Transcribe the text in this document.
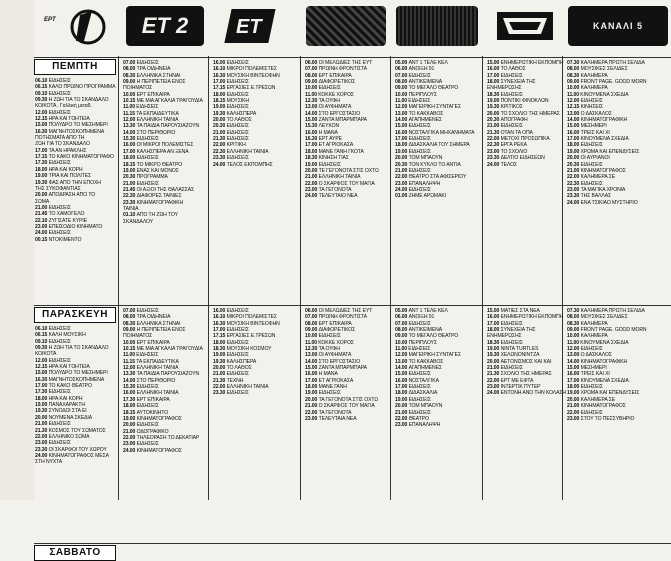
ΕΡΤ	ΕΤ 2 ET	ΚΑΝΑΛΙ 5
ΠΕΜΠΤΗ
06.10 ΕΙΔΗΣΕΙΣ
06.15 ΚΑΛΟ ΠΡΩΙΝΟ ΠΡΟΓΡΑΜΜΑ
09.10 ΕΙΔΗΣΕΙΣ
09.30 Η ΖΩΗ ΤΙΑ ΤΟ ΣΚΑΝΔΑΛΟ
ΚΟΙΚΟΤΑ . Γαλλική μεταδ.
12.00 ΕΙΔΗΣΕΙΣ
12.15 ΗΡΑ ΚΑΙ ΓΟΗΤΕΙΑ
15.00 ΠΟΛΥΔΡΟ ΤΟ ΜΕΣΗΜΕΡΙ
16.30 ΜΑΓΝΗΤΟΣΚΟΠΗΜΕΝΑ
ΠΟΤΗΣΜΑΤΑ ΑΠΟ ΤΗ
ΖΩΗ ΓΙΑ ΤΟ ΣΚΑΝΔΑΛΟ
17.00 ΤΑ ΑΝ ΗΡΑΚΛΗΣ
17.15 ΤΟ ΚΑΚΟ ΚΙΝΗΜΑΤΟΓΡΑΦΟ
17.30 ΕΙΔΗΣΕΙΣ
18.00 ΗΡΑ ΚΑΙ ΚΟΡΗ
19.00 ΤΡΙΑ ΚΑΙ ΠΟΛΙΤΕΣ
19.30 ΦΑΣ ΑΠΟ ΤΗΝ ΕΠΟΧΗ
ΤΗΣ ΣΥΚΟΦΑΝΤΙΑΣ
20.00 ΑΠΟΔΡΑΣΗ ΑΠΟ ΤΟ
ΣΩΜΑ
21.00 ΕΙΔΗΣΕΙΣ
21.45 ΤΟ ΧΑΜΟΓΕΛΟ
22.10 ΖΥΓΙΣΑΤΕ ΚΥΡΙΕ
23.00 ΕΠΕΙΣΟΔΙΟ ΚΙΝΗΜΑΤΟ
24.00 ΕΙΔΗΣΕΙΣ
00.15 ΝΤΟΚΙΜΕΝΤΟ
07.00 ΕΙΔΗΣΕΙΣ
08.00 ΤΡΑ ΟΙΔΗΝΕΙΑ
08.30 ΕΛΛΗΝΙΚΑ ΣΤΗΝΑΙ
09.00 Η ΠΕΡΙΠΕΤΕΙΑ ΕΝΟΣ
ΠΟΙΗΜΑΤΟΣ
10.00 ΕΡΤ ΕΠΙΚΑΙΡΑ
10.15 ΜΕ ΜΙΑ ΑΓΚΑΛΙΑ ΤΡΑΓΟΥΔΙΑ
11.00 ΕΙΔΗΣΕΙΣ
11.15 ΤΑ ΕΚΠΑΙΔΕΥΤΙΚΑ
12.00 ΕΛΛΗΝΙΚΗ ΤΑΙΝΙΑ
13.30 ΤΑ ΠΑΙΔΙΑ ΠΑΡΟΥΣΙΑΖΟΥΝ
14.00 ΣΤΟ ΠΕΡΙΘΩΡΙΟ
15.30 ΕΙΔΗΣΕΙΣ
16.00 ΟΙ ΜΙΚΡΟΙ ΠΟΛΕΜΙΣΤΕΣ
17.00 ΚΑΛΗΣΠΕΡΑ ΑΝ ΞΕΝΑ
18.00 ΕΙΔΗΣΕΙΣ
18.15 ΤΟ ΜΙΚΡΟ ΘΕΑΤΡΟ
19.00 ΕΝΑΣ ΚΑΙ ΜΟΝΟΣ
20.30 ΠΡΟΓΡΑΜΜΑ
21.00 ΕΙΔΗΣΕΙΣ
21.45 ΟΙ ΑΞΙΟΙ ΤΗΣ ΘΑΛΑΣΣΑΣ
22.30 ΔΙΑΦΟΡΕΣ ΤΑΙΝΙΕΣ
23.30 ΚΙΝΗΜΑΤΟΓΡΑΦΙΚΗ
ΤΑΙΝΙΑ
01.10 ΑΠΟ ΤΗ ΖΩΗ ΤΟΥ
ΣΚΑΝΔΑΛΟΥ
16.00 ΕΙΔΗΣΕΙΣ
16.10 ΜΙΚΡΟΙ ΠΟΛΕΜΙΣΤΕΣ
16.30 ΜΟΥΣΙΚΗ ΒΙΝΤΕΟΦΗΝ
17.00 ΕΙΔΗΣΕΙΣ
17.15 ΕΡΓΑΣΙΕΣ Ε.ΤΡΕΣΩΝ
18.00 ΕΙΔΗΣΕΙΣ
18.15 ΜΟΥΣΙΚΗ
19.00 ΕΙΔΗΣΕΙΣ
19.30 ΚΑΛΗΣΠΕΡΑ
20.00 ΤΟ ΛΑΘΟΣ
20.30 ΕΙΔΗΣΕΙΣ
21.00 ΕΙΔΗΣΕΙΣ
21.30 ΕΙΔΗΣΕΙΣ
22.00 ΚΡΙΤΙΚΗ
22.30 ΕΛΛΗΝΙΚΗ ΤΑΙΝΙΑ
23.30 ΕΙΔΗΣΕΙΣ
24.00 ΤΕΛΟΣ ΕΚΠΟΜΠΗΣ
06.00 ΟΙ ΜΕΛΩΔΙΕΣ ΤΗΣ ΕΥΤ
07.00 ΠΡΩΙΝΗ ΦΡΟΝΤΙΣΤΑ
08.00 ΕΡΤ ΕΠΙΚΑΙΡΑ
09.00 ΔΙΑΦΟΡΕΤΙΚΟΣ
10.00 ΕΙΔΗΣΕΙΣ
11.00 ΚΟΚΚΕ ΧΟΡΟΣ
12.30 ΤΑ ΟΥΦΗ
13.00 ΟΙ ΑΥΦΗΜΑΤΑ
14.00 ΣΤΟ ΕΡΓΟΣΤΑΣΙΟ
15.00 ΖΑΝΤΑ ΜΠΑΡΜΠΑΡΑ
15.30 ΛΕΥΚΟΝ
16.00 Η ΜΑΝΑ
16.30 ΕΡΤ ΑΥΡΕ
17.00 ΕΤ ΑΓΡΙΟΚΑΣΑ
18.00 ΜΑΝΕ ΓΑΝΗ ΓΚΟΤΑ
18.30 ΚΙΝΗΣΗ ΤΙΑΣ
19.00 ΕΙΔΗΣΕΙΣ
20.00 ΤΕ ΓΕΓΟΝΟΤΑ ΣΤΙΣ ΟΧΤΩ
21.00 ΕΛΛΗΝΙΚΗ ΤΑΙΝΙΑ
22.00 Ο ΣΚΑΡΦΟΣ ΤΟΥ ΜΑΓΙΑ
23.00 ΤΑ ΓΕΓΟΝΟΤΑ
24.00 ΤΕΛΕΥΤΑΙΟ ΝΕΑ
05.00 ΑΝΤ 1 ΤΕΛΕ ΚΕΛ
06.00 ΑΝΟΙΞΗ 91
07.00 ΕΙΔΗΣΕΙΣ
08.00 ΑΝΤΙΚΕΙΜΕΝΑ
09.00 ΤΟ ΜΕΓΑΛΟ ΘΕΑΤΡΟ
10.00 ΠΕΡΙΠΛΟΥΣ
11.00 ΕΙΔΗΣΕΙΣ
12.00 ΜΑΓΕΙΡΙΚΗ ΣΥΝΤΑΓΕΣ
13.00 ΤΟ ΚΑΚΚΑΒΟΣ
14.00 ΑΓΑΠΗΜΕΝΕΣ
15.00 ΕΙΔΗΣΕΙΣ
16.00 ΝΟΣΤΑΛΓΙΚΑ ΜΗΧΑΝΗΜΑΤΑ
17.00 ΕΙΔΗΣΕΙΣ
18.00 ΔΙΔΑΣΚΑΛΙΑ ΤΟΥ ΣΗΜΕΡΑ
19.00 ΕΙΔΗΣΕΙΣ
20.00 ΤΟΜ ΜΠΑΟΥΝ
20.30 ΤΟΝ ΚΥΚΛΟ ΤΟ ΑΝΤΙΑ
21.00 ΕΙΔΗΣΕΙΣ
22.00 ΘΕΑΤΡΟ ΣΤΑ ΑΦΙΣΕΡΙΟΥ
23.00 ΕΠΑΝΑΛΗΨΗ
24.00 ΕΙΔΗΣΕΙΣ
01.00 ΖΗΜΕ ΑΡΩΜΑΚΙ
15.00 ΕΝΗΜΕΡΩΤΙΚΗ ΕΚΠΟΜΠΗ
16.00 ΤΟ ΛΑΘΟΣ
17.00 ΕΙΔΗΣΕΙΣ
18.00 ΣΥΝΕΧΕΙΑ ΤΗΣ
ΕΝΗΜΕΡΩΣΗΣ
18.30 ΕΙΔΗΣΕΙΣ
19.00 ΠΟΝΤΙΚΙ ΦΙΝΟΚΛΩΝ
19.30 ΚΡΙΤΙΚΟΣ
20.00 ΤΟ ΣΧΟΛΙΟ ΤΗΣ ΗΜΕΡΑΣ
20.30 ΑΠΟΓΡΑΦΗ
21.00 ΕΙΔΗΣΕΙΣ
21.30 ΟΤΑΝ ΤΑ ΟΠΑ
22.00 ΜΕΤΟΧΙ ΠΡΟΣΩΠΙΚΑ
22.30 ΕΡΓΑ ΡΕΚΑ
23.00 ΤΟ ΣΧΟΛΙΟ
23.30 ΔΕΛΤΙΟ ΕΙΔΗΣΕΩΝ
24.00 ΤΕΛΟΣ
07.30 ΚΑΛΗΜΕΡΑ ΠΡΩΤΗ ΣΕΛΙΔΑ
08.00 ΜΟΥΣΙΚΕΣ ΣΕΛΙΔΕΣ
08.30 ΚΑΛΗΜΕΡΑ
09.00 FRONT PAGE. GOOD MORN
10.00 ΚΑΛΗΜΕΡΑ
11.00 ΚΙΝΟΥΜΕΝΑ ΣΧΕΔΙΑ
12.00 ΕΙΔΗΣΕΙΣ
12.15 ΚΙΝΗΣΕΙΣ
13.00 Ο ΔΑΣΚΑΛΟΣ
14.00 ΚΙΝΗΜΑΤΟΓΡΑΦΙΚΗ
15.00 ΜΕΣΗΜΕΡΙ
16.00 ΤΡΕΙΣ ΚΑΙ ΧΙ
17.00 ΚΙΝΟΥΜΕΝΑ ΣΧΕΔΙΑ
18.00 ΕΙΔΗΣΕΙΣ
19.00 ΧΡΩΜΑ ΚΑΙ ΕΠΕΝΔΥΣΕΙΣ
20.00 ΟΙ ΑΥΡΙΑΝΟΙ
20.30 ΕΙΔΗΣΕΙΣ
21.00 ΚΙΝΗΜΑΤΟΓΡΑΦΟΣ
22.00 ΚΑΛΗΜΕΡΑ ΣΕ
22.30 ΕΙΔΗΣΕΙΣ
23.00 ΤΑ ΜΑΓΙΚΑ ΧΡΟΝΙΑ
23.30 ΤΗΣ ΒΑΛΛΑΣ
24.00 ΕΝΑ ΤΣΙΚΙΑΟ ΜΥΣΤΗΡΙΟ
ΠΑΡΑΣΚΕΥΗ
06.10 ΕΙΔΗΣΕΙΣ
06.15 ΚΑΛΗ ΜΟΥΣΙΚΗ
09.10 ΕΙΔΗΣΕΙΣ
09.30 Η ΖΩΗ ΤΙΑ ΤΟ ΣΚΑΝΔΑΛΟ
ΚΟΙΚΟΤΑ
12.00 ΕΙΔΗΣΕΙΣ
12.15 ΗΡΑ ΚΑΙ ΓΟΗΤΕΙΑ
15.00 ΠΟΛΥΔΡΟ ΤΟ ΜΕΣΗΜΕΡΙ
16.30 ΜΑΓΝΗΤΟΣΚΟΠΗΜΕΝΑ
17.00 ΤΟ ΚΑΚΟ ΘΕΑΤΡΟ
17.30 ΕΙΔΗΣΕΙΣ
18.00 ΗΡΑ ΚΑΙ ΚΟΡΗ
19.00 ΠΑΝΑΧΑΡΑΚΤΗ
19.30 ΣΥΝΟΔΟΙ ΣΤΑ ΕΙ
20.00 ΝΟΥΜΕΝΑ ΣΚΕΔΙΑ
21.00 ΕΙΔΗΣΕΙΣ
21.30 ΚΟΣΜΟΣ ΤΟΥ ΣΩΜΑΤΟΣ
22.00 ΕΛΛΗΝΙΚΟ ΣΩΜΑ
23.00 ΕΙΔΗΣΕΙΣ
23.30 ΟΙ ΣΚΑΡΦΟΙ ΤΟΥ ΧΩΡΟΥ
24.00 ΚΙΝΗΜΑΤΟΓΡΑΦΟΣ ΜΕΣΑ
ΣΤΗ ΝΥΧΤΑ
07.00 ΕΙΔΗΣΕΙΣ
08.00 ΤΡΑ ΟΙΔΗΝΕΙΑ
08.30 ΕΛΛΗΝΙΚΑ ΣΤΗΝΑΙ
09.00 Η ΠΕΡΙΠΕΤΕΙΑ ΕΝΟΣ
ΠΟΙΗΜΑΤΟΣ
10.00 ΕΡΤ ΕΠΙΚΑΙΡΑ
10.15 ΜΕ ΜΙΑ ΑΓΚΑΛΙΑ ΤΡΑΓΟΥΔΙΑ
11.00 ΕΙΔΗΣΕΙΣ
11.15 ΤΑ ΕΚΠΑΙΔΕΥΤΙΚΑ
12.00 ΕΛΛΗΝΙΚΗ ΤΑΙΝΙΑ
13.30 ΤΑ ΠΑΙΔΙΑ ΠΑΡΟΥΣΙΑΖΟΥΝ
14.00 ΣΤΟ ΠΕΡΙΘΩΡΙΟ
15.30 ΕΙΔΗΣΕΙΣ
16.00 ΕΛΛΗΝΙΚΗ ΤΑΙΝΙΑ
17.30 ΕΡΤ ΕΠΙΚΑΙΡΑ
18.00 ΕΙΔΗΣΕΙΣ
18.15 ΑΥΤΟΚΙΝΗΤΟ
19.00 ΚΙΝΗΜΑΤΟΓΡΑΦΟΣ
20.00 ΕΙΔΗΣΕΙΣ
21.00 ΟΔΟΓΡΑΦΙΚΟ
22.00 ΤΗΛΕΟΡΑΣΗ ΤΟ ΔΕΚΑΤΙΑΡ
23.00 ΕΙΔΗΣΕΙΣ
24.00 ΚΙΝΗΜΑΤΟΓΡΑΦΟΣ
16.00 ΕΙΔΗΣΕΙΣ
16.10 ΜΙΚΡΟΙ ΠΟΛΕΜΙΣΤΕΣ
16.30 ΜΟΥΣΙΚΗ ΒΙΝΤΕΟΦΗΝ
17.00 ΕΙΔΗΣΕΙΣ
17.15 ΕΡΓΑΣΙΕΣ Ε.ΤΡΕΣΩΝ
18.00 ΕΙΔΗΣΕΙΣ
18.30 ΜΟΥΣΙΚΗ ΚΟΣΜΟΥ
19.00 ΕΙΔΗΣΕΙΣ
19.30 ΚΑΛΗΣΠΕΡΑ
20.00 ΤΟ ΛΑΘΟΣ
21.00 ΕΙΔΗΣΕΙΣ
21.30 ΤΕΧΝΗ
22.00 ΕΛΛΗΝΙΚΗ ΤΑΙΝΙΑ
23.30 ΕΙΔΗΣΕΙΣ
06.00 ΟΙ ΜΕΛΩΔΙΕΣ ΤΗΣ ΕΥΤ
07.00 ΠΡΩΙΝΗ ΦΡΟΝΤΙΣΤΑ
08.00 ΕΡΤ ΕΠΙΚΑΙΡΑ
09.00 ΔΙΑΦΟΡΕΤΙΚΟΣ
10.00 ΕΙΔΗΣΕΙΣ
11.00 ΚΟΚΚΕ ΧΟΡΟΣ
12.30 ΤΑ ΟΥΦΗ
13.00 ΟΙ ΑΥΦΗΜΑΤΑ
14.00 ΣΤΟ ΕΡΓΟΣΤΑΣΙΟ
15.00 ΖΑΝΤΑ ΜΠΑΡΜΠΑΡΑ
16.00 Η ΜΑΝΑ
17.00 ΕΤ ΑΓΡΙΟΚΑΣΑ
18.00 ΜΑΝΕ ΓΑΝΗ
19.00 ΕΙΔΗΣΕΙΣ
20.00 ΤΑ ΓΕΓΟΝΟΤΑ ΣΤΙΣ ΟΧΤΩ
21.00 Ο ΣΚΑΡΦΟΣ ΤΟΥ ΜΑΓΙΑ
22.00 ΤΑ ΓΕΓΟΝΟΤΑ
23.00 ΤΕΛΕΥΤΑΙΑ ΝΕΑ
05.00 ΑΝΤ 1 ΤΕΛΕ ΚΕΛ
06.00 ΑΝΟΙΞΗ 91
07.00 ΕΙΔΗΣΕΙΣ
08.00 ΑΝΤΙΚΕΙΜΕΝΑ
09.00 ΤΟ ΜΕΓΑΛΟ ΘΕΑΤΡΟ
10.00 ΠΕΡΙΠΛΟΥΣ
11.00 ΕΙΔΗΣΕΙΣ
12.00 ΜΑΓΕΙΡΙΚΗ ΣΥΝΤΑΓΕΣ
13.00 ΤΟ ΚΑΚΚΑΒΟΣ
14.00 ΑΓΑΠΗΜΕΝΕΣ
15.00 ΕΙΔΗΣΕΙΣ
16.00 ΝΟΣΤΑΛΓΙΚΑ
17.00 ΕΙΔΗΣΕΙΣ
18.00 ΔΙΔΑΣΚΑΛΙΑ
19.00 ΕΙΔΗΣΕΙΣ
20.00 ΤΟΜ ΜΠΑΟΥΝ
21.00 ΕΙΔΗΣΕΙΣ
22.00 ΘΕΑΤΡΟ
23.00 ΕΠΑΝΑΛΗΨΗ
15.00 ΜΑΤΙΕΣ ΣΤΑ ΝΕΑ
16.00 ΕΝΗΜΕΡΩΤΙΚΗ ΕΚΠΟΜΠΗ
17.00 ΕΙΔΗΣΕΙΣ
18.00 ΣΥΝΕΧΕΙΑ ΤΗΣ
ΕΝΗΜΕΡΩΣΗΣ
18.30 ΕΙΔΗΣΕΙΣ
19.00 ΝΙΝΤΑ TURTLES
19.30 ΧΕΛΩΝΟΝΙΝΤΖΑ
20.00 ΑΕΤΟΝΙΣΜΟΣ ΚΑΙ ΚΑΙ
21.00 ΕΙΔΗΣΕΙΣ
21.30 ΣΧΟΛΙΟ ΤΗΣ ΗΜΕΡΑΣ
22.00 ΕΡΤ ΜΕ ΕΦΤΑ
23.00 ΙΝΤΕΡΤΙΚ ΠΥΤΕΡ
24.00 ΕΝΤΟΝΗ ΑΝΟ ΤΗΝ ΚΟΛΑΣΗ
07.30 ΚΑΛΗΜΕΡΑ ΠΡΩΤΗ ΣΕΛΙΔΑ
08.00 ΜΟΥΣΙΚΕΣ ΣΕΛΙΔΕΣ
08.30 ΚΑΛΗΜΕΡΑ
09.00 FRONT PAGE. GOOD MORN
10.00 ΚΑΛΗΜΕΡΑ
11.00 ΚΙΝΟΥΜΕΝΑ ΣΧΕΔΙΑ
12.00 ΕΙΔΗΣΕΙΣ
13.00 Ο ΔΑΣΚΑΛΟΣ
14.00 ΚΙΝΗΜΑΤΟΓΡΑΦΙΚΗ
15.00 ΜΕΣΗΜΕΡΙ
16.00 ΤΡΕΙΣ ΚΑΙ ΧΙ
17.00 ΚΙΝΟΥΜΕΝΑ ΣΧΕΔΙΑ
18.00 ΕΙΔΗΣΕΙΣ
19.00 ΧΡΩΜΑ ΚΑΙ ΕΠΕΝΔΥΣΕΙΣ
20.00 ΚΑΛΗΜΕΡΑ ΣΕ
21.00 ΚΙΝΗΜΑΤΟΓΡΑΦΟΣ
22.00 ΕΙΔΗΣΕΙΣ
23.00 ΣΤΟΥ ΤΟ ΠΕΣΣΥΒΗΡΙΟ
ΣΑΒΒΑΤΟ
